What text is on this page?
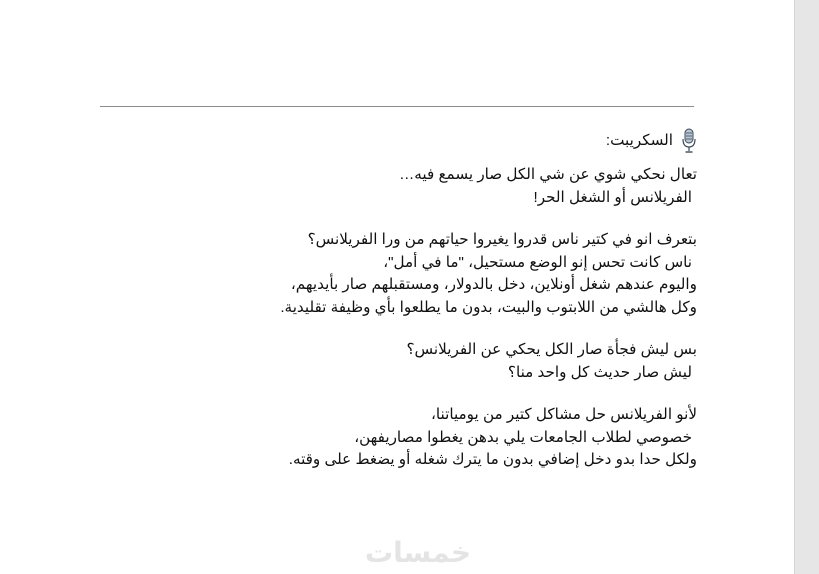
السكريبت:
تعال نحكي شوي عن شي الكل صار يسمع فيه…
الفريلانس أو الشغل الحر!
بتعرف انو في كتير ناس قدروا يغيروا حياتهم من ورا الفريلانس؟
ناس كانت تحس إنو الوضع مستحيل، "ما في أمل"،
واليوم عندهم شغل أونلاين، دخل بالدولار، ومستقبلهم صار بأيديهم،
وكل هالشي من اللابتوب والبيت، بدون ما يطلعوا بأي وظيفة تقليدية.
بس ليش فجأة صار الكل يحكي عن الفريلانس؟
ليش صار حديث كل واحد منا؟
لأنو الفريلانس حل مشاكل كتير من يومياتنا،
خصوصي لطلاب الجامعات يلي بدهن يغطوا مصاريفهن،
ولكل حدا بدو دخل إضافي بدون ما يترك شغله أو يضغط على وقته.
خمسات
